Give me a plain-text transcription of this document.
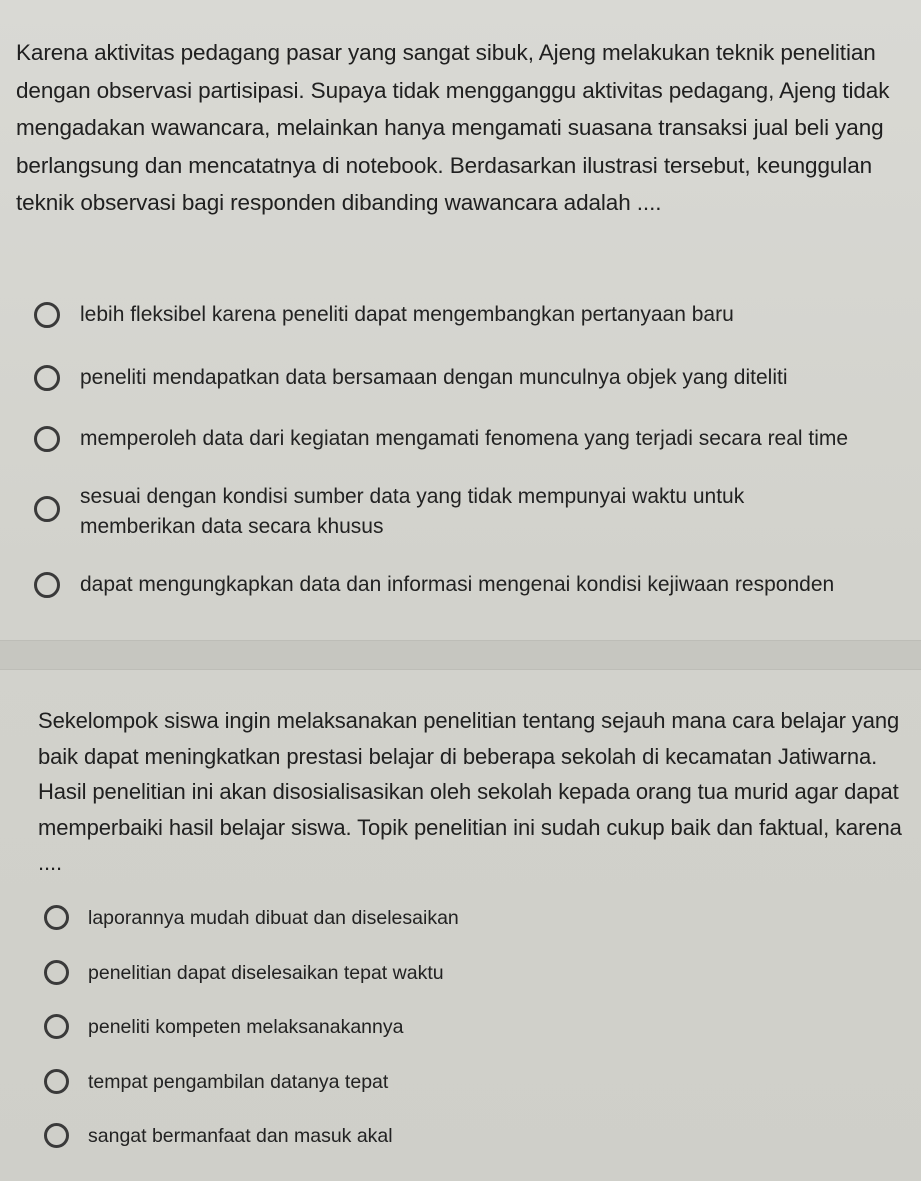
Karena aktivitas pedagang pasar yang sangat sibuk, Ajeng melakukan teknik penelitian dengan observasi partisipasi. Supaya tidak mengganggu aktivitas pedagang, Ajeng tidak mengadakan wawancara, melainkan hanya mengamati suasana transaksi jual beli yang berlangsung dan mencatatnya di notebook. Berdasarkan ilustrasi tersebut, keunggulan teknik observasi bagi responden dibanding wawancara adalah ....

lebih fleksibel karena peneliti dapat mengembangkan pertanyaan baru
peneliti mendapatkan data bersamaan dengan munculnya objek yang diteliti
memperoleh data dari kegiatan mengamati fenomena yang terjadi secara real time
sesuai dengan kondisi sumber data yang tidak mempunyai waktu untuk memberikan data secara khusus
dapat mengungkapkan data dan informasi mengenai kondisi kejiwaan responden

Sekelompok siswa ingin melaksanakan penelitian tentang sejauh mana cara belajar yang baik dapat meningkatkan prestasi belajar di beberapa sekolah di kecamatan Jatiwarna. Hasil penelitian ini akan disosialisasikan oleh sekolah kepada orang tua murid agar dapat memperbaiki hasil belajar siswa. Topik penelitian ini sudah cukup baik dan faktual, karena ....

laporannya mudah dibuat dan diselesaikan
penelitian dapat diselesaikan tepat waktu
peneliti kompeten melaksanakannya
tempat pengambilan datanya tepat
sangat bermanfaat dan masuk akal
